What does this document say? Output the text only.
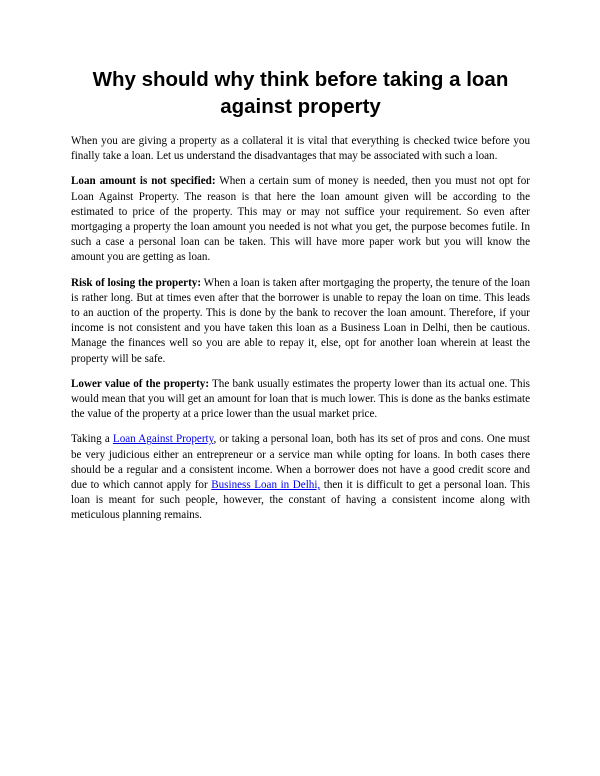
Why should why think before taking a loan against property

When you are giving a property as a collateral it is vital that everything is checked twice before you finally take a loan. Let us understand the disadvantages that may be associated with such a loan.

Loan amount is not specified: When a certain sum of money is needed, then you must not opt for Loan Against Property. The reason is that here the loan amount given will be according to the estimated to price of the property. This may or may not suffice your requirement. So even after mortgaging a property the loan amount you needed is not what you get, the purpose becomes futile. In such a case a personal loan can be taken. This will have more paper work but you will know the amount you are getting as loan.

Risk of losing the property: When a loan is taken after mortgaging the property, the tenure of the loan is rather long. But at times even after that the borrower is unable to repay the loan on time. This leads to an auction of the property. This is done by the bank to recover the loan amount. Therefore, if your income is not consistent and you have taken this loan as a Business Loan in Delhi, then be cautious. Manage the finances well so you are able to repay it, else, opt for another loan wherein at least the property will be safe.

Lower value of the property: The bank usually estimates the property lower than its actual one. This would mean that you will get an amount for loan that is much lower. This is done as the banks estimate the value of the property at a price lower than the usual market price.

Taking a Loan Against Property, or taking a personal loan, both has its set of pros and cons. One must be very judicious either an entrepreneur or a service man while opting for loans. In both cases there should be a regular and a consistent income. When a borrower does not have a good credit score and due to which cannot apply for Business Loan in Delhi, then it is difficult to get a personal loan. This loan is meant for such people, however, the constant of having a consistent income along with meticulous planning remains.
